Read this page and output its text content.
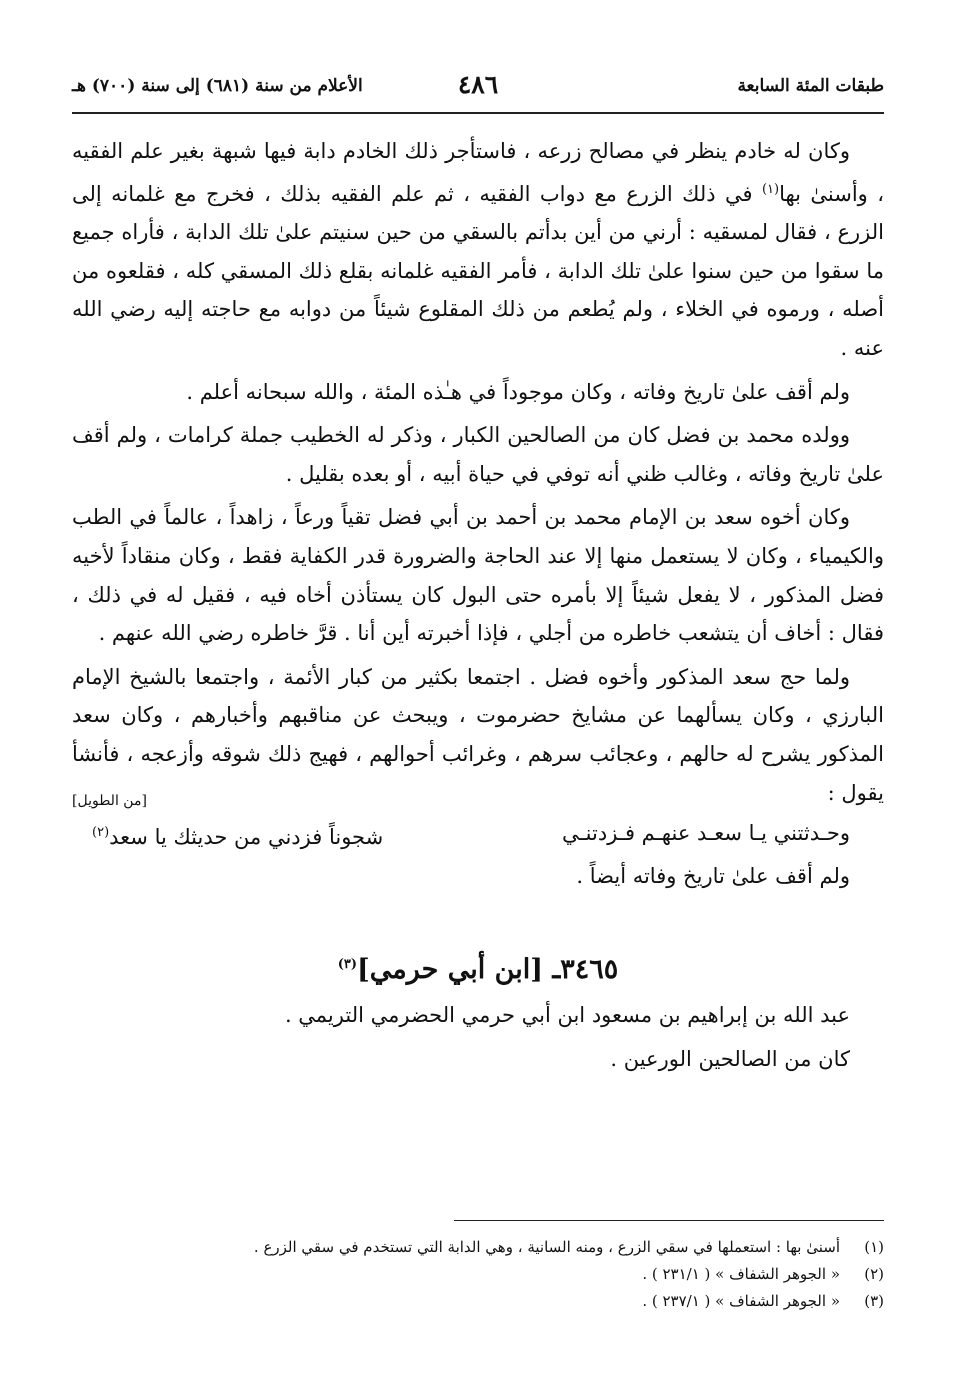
طبقات المئة السابعة
٤٨٦
الأعلام من سنة (٦٨١) إلى سنة (٧٠٠) هـ

وكان له خادم ينظر في مصالح زرعه ، فاستأجر ذلك الخادم دابة فيها شبهة بغير علم الفقيه ، وأسنىٰ بها$^{(١)}$ في ذلك الزرع مع دواب الفقيه ، ثم علم الفقيه بذلك ، فخرج مع غلمانه إلى الزرع ، فقال لمسقيه : أرني من أين بدأتم بالسقي من حين سنيتم علىٰ تلك الدابة ، فأراه جميع ما سقوا من حين سنوا علىٰ تلك الدابة ، فأمر الفقيه غلمانه بقلع ذلك المسقي كله ، فقلعوه من أصله ، ورموه في الخلاء ، ولم يُطعم من ذلك المقلوع شيئاً من دوابه مع حاجته إليه رضي الله عنه .

ولم أقف علىٰ تاريخ وفاته ، وكان موجوداً في هـٰذه المئة ، والله سبحانه أعلم .

وولده محمد بن فضل كان من الصالحين الكبار ، وذكر له الخطيب جملة كرامات ، ولم أقف علىٰ تاريخ وفاته ، وغالب ظني أنه توفي في حياة أبيه ، أو بعده بقليل .

وكان أخوه سعد بن الإمام محمد بن أحمد بن أبي فضل تقياً ورعاً ، زاهداً ، عالماً في الطب والكيمياء ، وكان لا يستعمل منها إلا عند الحاجة والضرورة قدر الكفاية فقط ، وكان منقاداً لأخيه فضل المذكور ، لا يفعل شيئاً إلا بأمره حتى البول كان يستأذن أخاه فيه ، فقيل له في ذلك ، فقال : أخاف أن يتشعب خاطره من أجلي ، فإذا أخبرته أين أنا . قرَّ خاطره رضي الله عنهم .

ولما حج سعد المذكور وأخوه فضل . اجتمعا بكثير من كبار الأئمة ، واجتمعا بالشيخ الإمام البارزي ، وكان يسألهما عن مشايخ حضرموت ، ويبحث عن مناقبهم وأخبارهم ، وكان سعد المذكور يشرح له حالهم ، وعجائب سرهم ، وغرائب أحوالهم ، فهيج ذلك شوقه وأزعجه ، فأنشأ يقول :

[من الطويل]
وحـدثتني يـا سعـد عنهـم فـزدتنـي
شجوناً فزدني من حديثك يا سعد$^{(٢)}$

ولم أقف علىٰ تاريخ وفاته أيضاً .

٣٤٦٥ـ [ابن أبي حرمي]$^{(٣)}$

عبد الله بن إبراهيم بن مسعود ابن أبي حرمي الحضرمي التريمي .

كان من الصالحين الورعين .

(١)
أسنىٰ بها : استعملها في سقي الزرع ، ومنه السانية ، وهي الدابة التي تستخدم في سقي الزرع .
(٢)
« الجوهر الشفاف » ( ٢٣١/١ ) .
(٣)
« الجوهر الشفاف » ( ٢٣٧/١ ) .
